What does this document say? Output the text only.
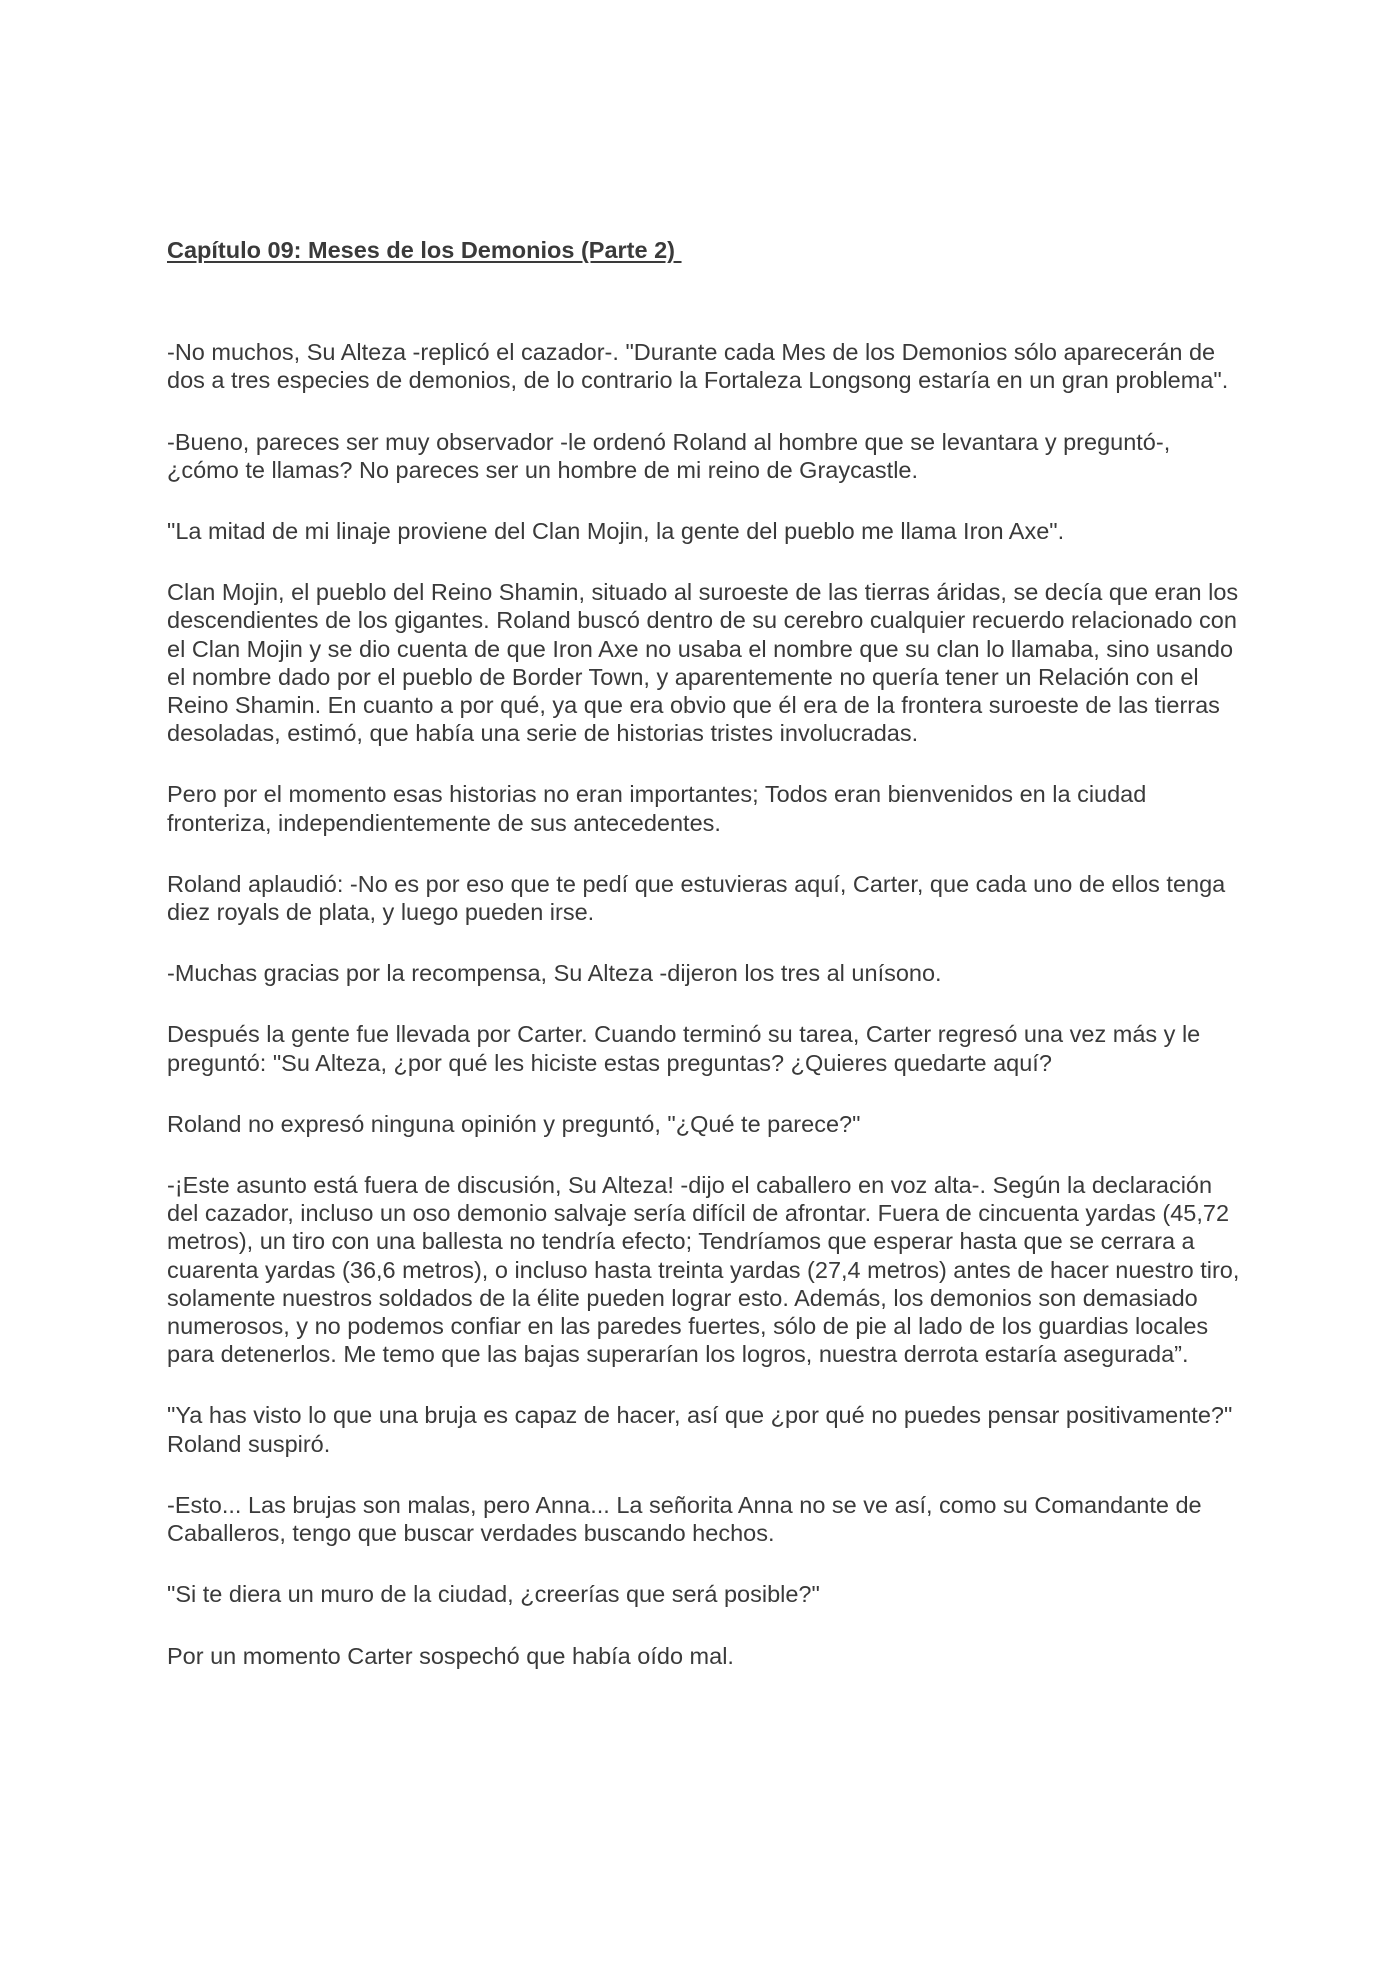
Capítulo 09: Meses de los Demonios (Parte 2)

-No muchos, Su Alteza -replicó el cazador-. "Durante cada Mes de los Demonios sólo aparecerán de dos a tres especies de demonios, de lo contrario la Fortaleza Longsong estaría en un gran problema".

-Bueno, pareces ser muy observador -le ordenó Roland al hombre que se levantara y preguntó-, ¿cómo te llamas? No pareces ser un hombre de mi reino de Graycastle.

"La mitad de mi linaje proviene del Clan Mojin, la gente del pueblo me llama Iron Axe".

Clan Mojin, el pueblo del Reino Shamin, situado al suroeste de las tierras áridas, se decía que eran los descendientes de los gigantes. Roland buscó dentro de su cerebro cualquier recuerdo relacionado con el Clan Mojin y se dio cuenta de que Iron Axe no usaba el nombre que su clan lo llamaba, sino usando el nombre dado por el pueblo de Border Town, y aparentemente no quería tener un Relación con el Reino Shamin. En cuanto a por qué, ya que era obvio que él era de la frontera suroeste de las tierras desoladas, estimó, que había una serie de historias tristes involucradas.

Pero por el momento esas historias no eran importantes; Todos eran bienvenidos en la ciudad fronteriza, independientemente de sus antecedentes.

Roland aplaudió: -No es por eso que te pedí que estuvieras aquí, Carter, que cada uno de ellos tenga diez royals de plata, y luego pueden irse.

-Muchas gracias por la recompensa, Su Alteza -dijeron los tres al unísono.

Después la gente fue llevada por Carter. Cuando terminó su tarea, Carter regresó una vez más y le preguntó: "Su Alteza, ¿por qué les hiciste estas preguntas? ¿Quieres quedarte aquí?

Roland no expresó ninguna opinión y preguntó, "¿Qué te parece?"

-¡Este asunto está fuera de discusión, Su Alteza! -dijo el caballero en voz alta-. Según la declaración del cazador, incluso un oso demonio salvaje sería difícil de afrontar. Fuera de cincuenta yardas (45,72 metros), un tiro con una ballesta no tendría efecto; Tendríamos que esperar hasta que se cerrara a cuarenta yardas (36,6 metros), o incluso hasta treinta yardas (27,4 metros) antes de hacer nuestro tiro, solamente nuestros soldados de la élite pueden lograr esto. Además, los demonios son demasiado numerosos, y no podemos confiar en las paredes fuertes, sólo de pie al lado de los guardias locales para detenerlos. Me temo que las bajas superarían los logros, nuestra derrota estaría asegurada”.

"Ya has visto lo que una bruja es capaz de hacer, así que ¿por qué no puedes pensar positivamente?" Roland suspiró.

-Esto... Las brujas son malas, pero Anna... La señorita Anna no se ve así, como su Comandante de Caballeros, tengo que buscar verdades buscando hechos.

"Si te diera un muro de la ciudad, ¿creerías que será posible?"

Por un momento Carter sospechó que había oído mal.
